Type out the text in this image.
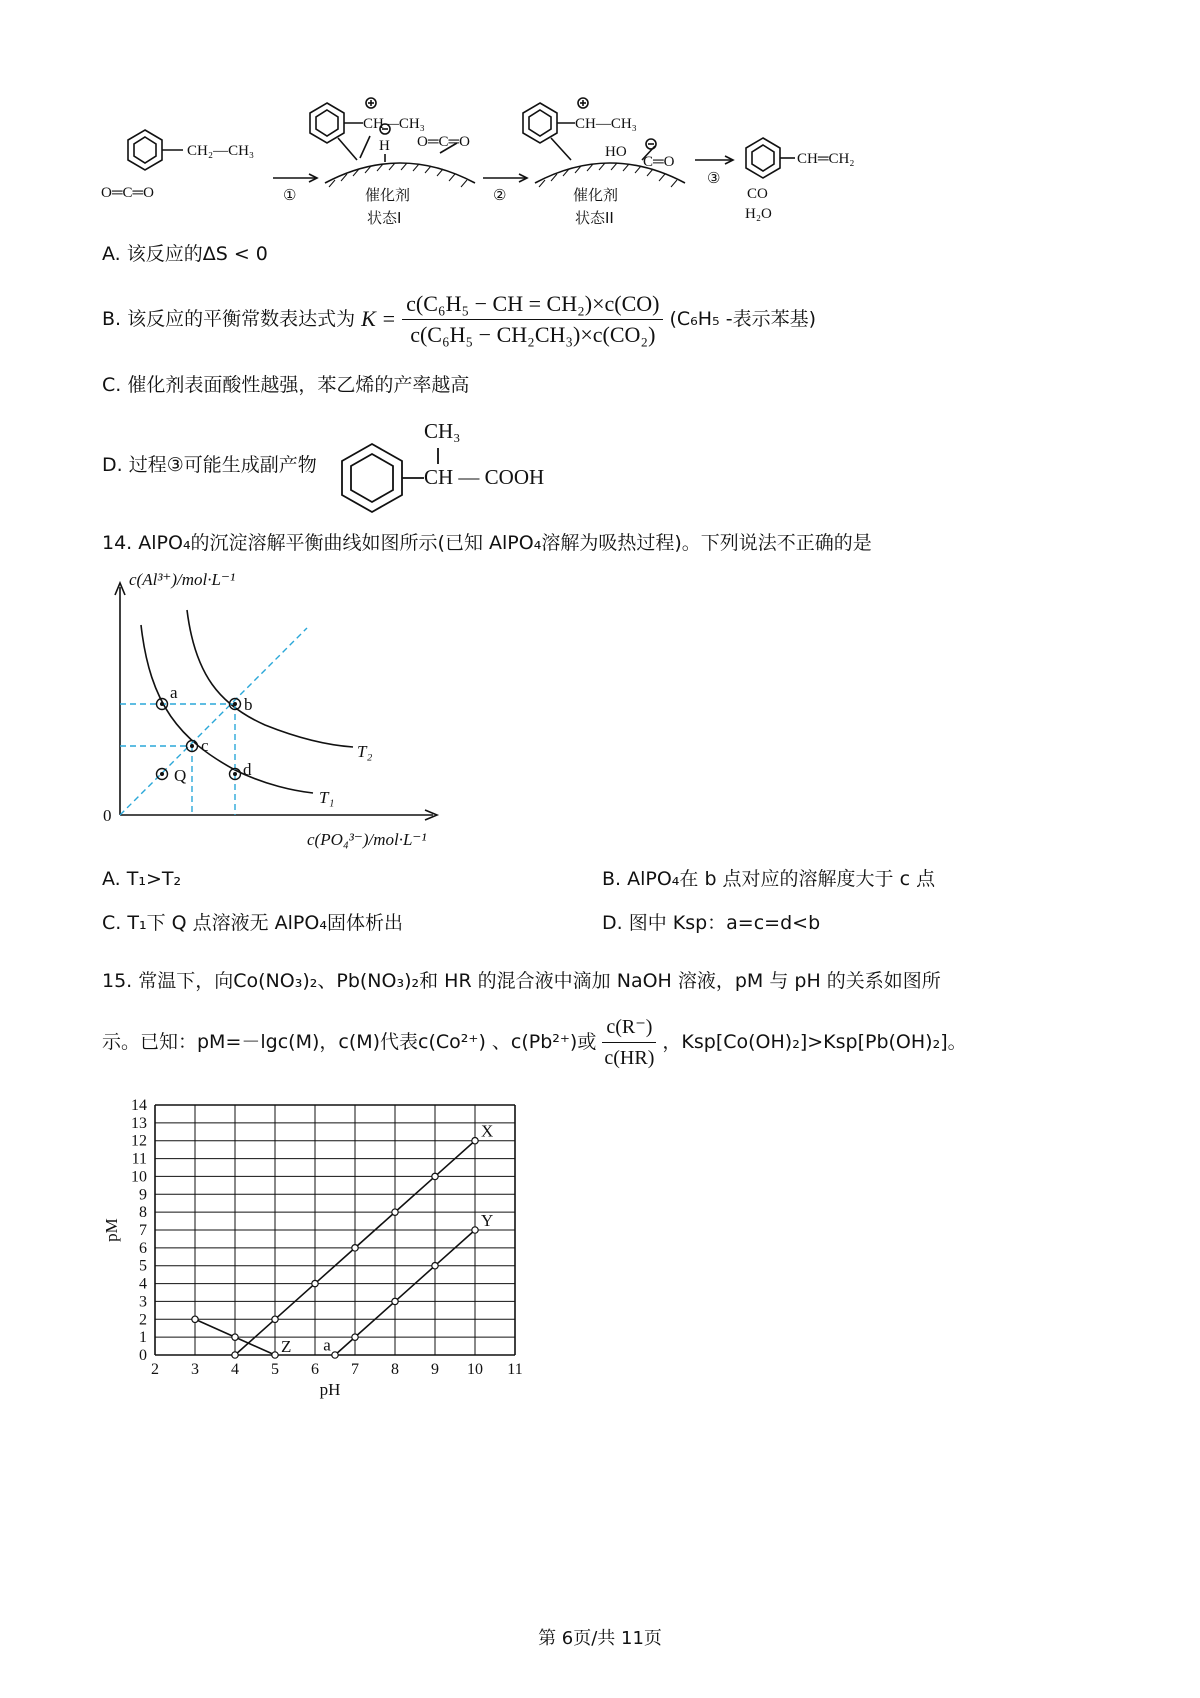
CH₂—CH₃
O═C═O	①	催化剂
状态I
CH—CH₃
H O═C═O
②	催化剂
状态II
CH—CH₃
HO
C═O
③
CH═CH₂
CO
H₂O
A. 该反应的ΔS < 0
B. 该反应的平衡常数表达式为 $K = \frac{\text{c(C₆H₅ − CH = CH₂)×c(CO)}}{\text{c(C₆H₅ − CH₂CH₃)×c(CO₂)}} (C_6H_5$ -表示苯基)
C. 催化剂表面酸性越强，苯乙烯的产率越高
D. 过程③可能生成副产物
CH₃
CH — COOH
14. AlPO₄的沉淀溶解平衡曲线如图所示(已知 AlPO₄溶解为吸热过程)。下列说法不正确的是
c(Al³⁺)/mol·L⁻¹
c(PO₄³⁻)/mol·L⁻¹
0
a
b
c
d
Q
T₁
T₂
A. T₁>T₂	B. AlPO₄在 b 点对应的溶解度大于 c 点
C. T₁下 Q 点溶液无 AlPO₄固体析出	D. 图中 Ksp：a=c=d<b
15. 常温下，向Co(NO₃)₂、Pb(NO₃)₂和 HR 的混合液中滴加 NaOH 溶液，pM 与 pH 的关系如图所
示。已知：pM=－lgc(M)，c(M)代表c(Co²⁺) 、c(Pb²⁺)或 $\frac{c(R^-)}{c(HR)}$ ，Ksp[Co(OH)₂]>Ksp[Pb(OH)₂]。
2 3 4 5 6 7 8 9 10 11
0
1
2
3
4
5
6
7
8
9
10
11
12
13
14
X
Y
Z a
pH
pM
第 6页/共 11页
